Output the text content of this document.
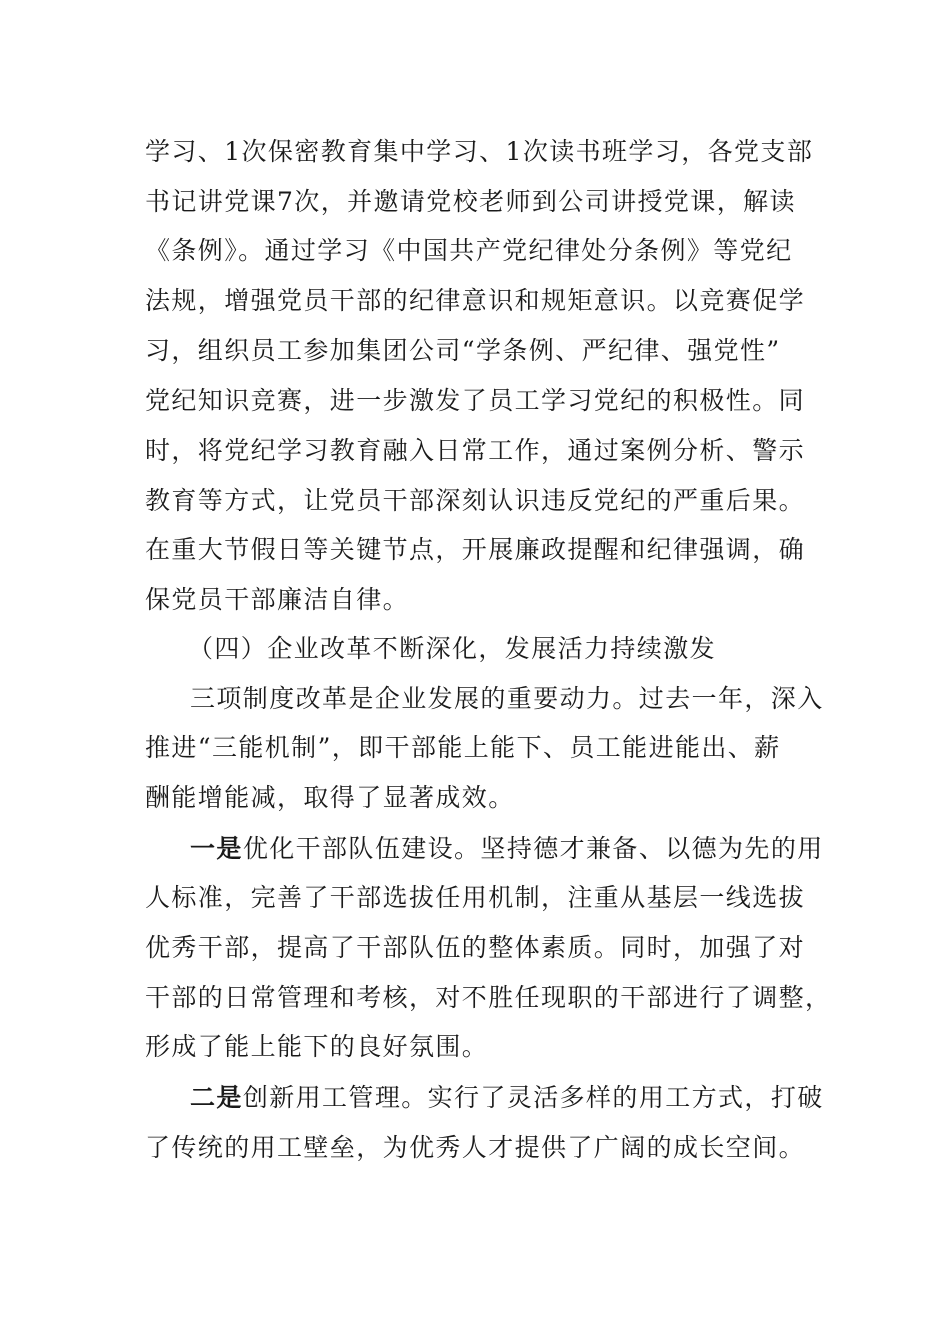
学习、1次保密教育集中学习、1次读书班学习，各党支部
书记讲党课7次，并邀请党校老师到公司讲授党课，解读
《条例》。通过学习《中国共产党纪律处分条例》等党纪
法规，增强党员干部的纪律意识和规矩意识。以竞赛促学
习，组织员工参加集团公司“学条例、严纪律、强党性”
党纪知识竞赛，进一步激发了员工学习党纪的积极性。同
时，将党纪学习教育融入日常工作，通过案例分析、警示
教育等方式，让党员干部深刻认识违反党纪的严重后果。
在重大节假日等关键节点，开展廉政提醒和纪律强调，确
保党员干部廉洁自律。
（四）企业改革不断深化，发展活力持续激发
三项制度改革是企业发展的重要动力。过去一年，深入
推进“三能机制”，即干部能上能下、员工能进能出、薪
酬能增能减，取得了显著成效。
一是优化干部队伍建设。坚持德才兼备、以德为先的用
人标准，完善了干部选拔任用机制，注重从基层一线选拔
优秀干部，提高了干部队伍的整体素质。同时，加强了对
干部的日常管理和考核，对不胜任现职的干部进行了调整，
形成了能上能下的良好氛围。
二是创新用工管理。实行了灵活多样的用工方式，打破
了传统的用工壁垒，为优秀人才提供了广阔的成长空间。
